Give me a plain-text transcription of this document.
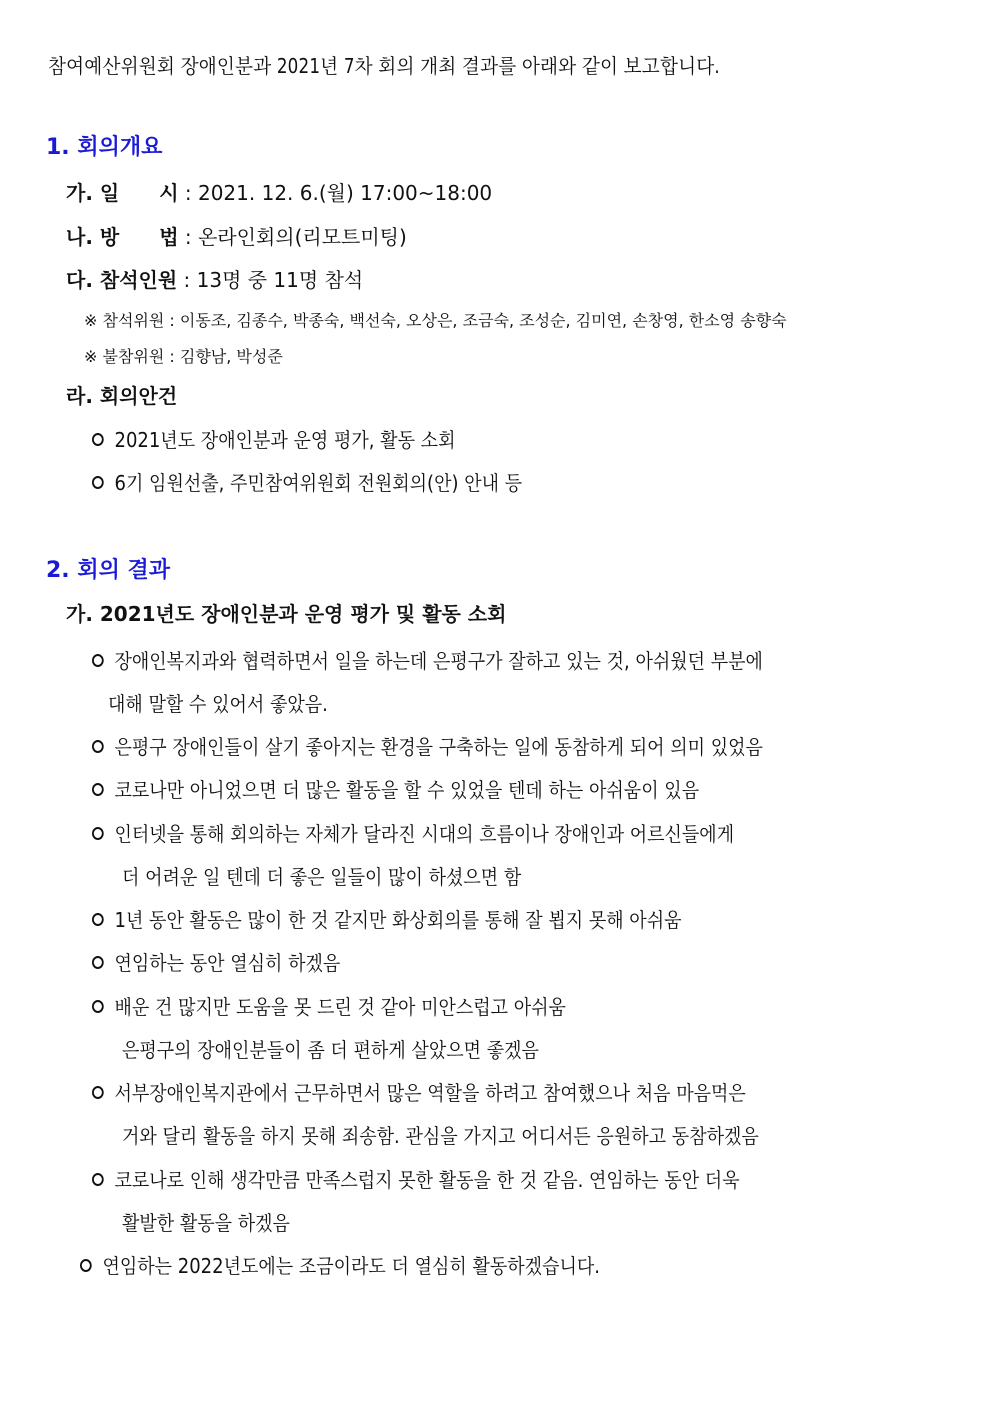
참여예산위원회 장애인분과 2021년 7차 회의 개최 결과를 아래와 같이 보고합니다.
1. 회의개요
가. 일　　시 : 2021. 12. 6.(월) 17:00~18:00
나. 방　　법 : 온라인회의(리모트미팅)
다. 참석인원 : 13명 중 11명 참석
※ 참석위원 : 이동조, 김종수, 박종숙, 백선숙, 오상은, 조금숙, 조성순, 김미연, 손창영, 한소영 송향숙
※ 불참위원 : 김향남, 박성준
라. 회의안건
2021년도 장애인분과 운영 평가, 활동 소회
6기 임원선출, 주민참여위원회 전원회의(안) 안내 등
2. 회의 결과
가. 2021년도 장애인분과 운영 평가 및 활동 소회
장애인복지과와 협력하면서 일을 하는데 은평구가 잘하고 있는 것, 아쉬웠던 부분에
대해 말할 수 있어서 좋았음.
은평구 장애인들이 살기 좋아지는 환경을 구축하는 일에 동참하게 되어 의미 있었음
코로나만 아니었으면 더 많은 활동을 할 수 있었을 텐데 하는 아쉬움이 있음
인터넷을 통해 회의하는 자체가 달라진 시대의 흐름이나 장애인과 어르신들에게
더 어려운 일 텐데 더 좋은 일들이 많이 하셨으면 함
1년 동안 활동은 많이 한 것 같지만 화상회의를 통해 잘 뵙지 못해 아쉬움
연임하는 동안 열심히 하겠음
배운 건 많지만 도움을 못 드린 것 같아 미안스럽고 아쉬움
은평구의 장애인분들이 좀 더 편하게 살았으면 좋겠음
서부장애인복지관에서 근무하면서 많은 역할을 하려고 참여했으나 처음 마음먹은
거와 달리 활동을 하지 못해 죄송함. 관심을 가지고 어디서든 응원하고 동참하겠음
코로나로 인해 생각만큼 만족스럽지 못한 활동을 한 것 같음. 연임하는 동안 더욱
활발한 활동을 하겠음
연임하는 2022년도에는 조금이라도 더 열심히 활동하겠습니다.
